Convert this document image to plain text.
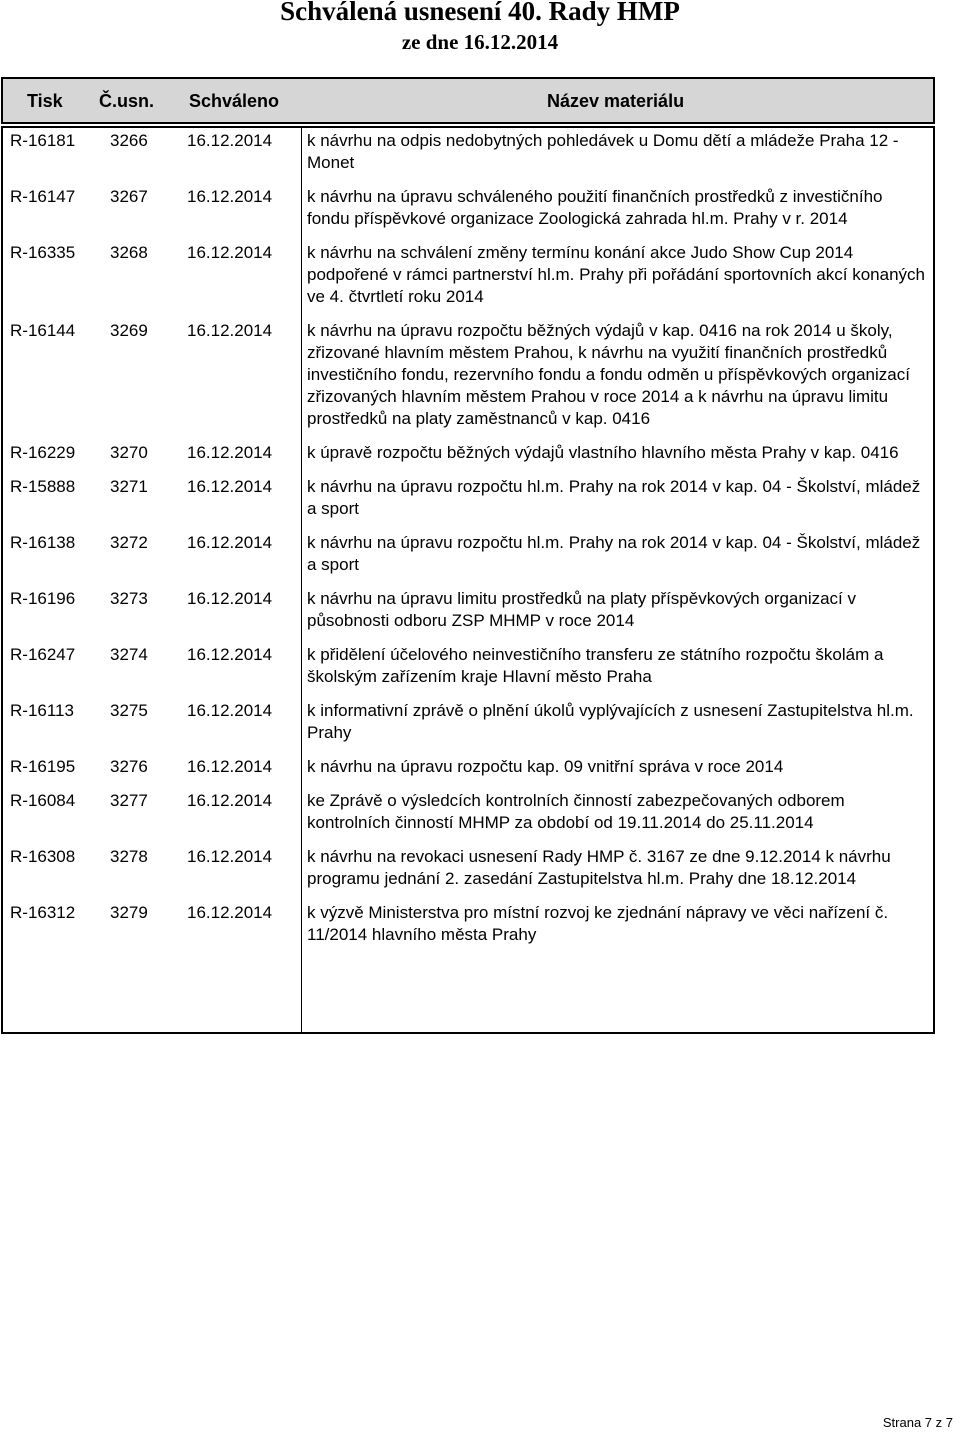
Schválená usnesení 40. Rady HMP
ze dne 16.12.2014
Tisk Č.usn. Schváleno	Název materiálu
R-16181 3266 16.12.2014 k návrhu na odpis nedobytných pohledávek u Domu dětí a mládeže Praha 12 - Monet
R-16147 3267 16.12.2014 k návrhu na úpravu schváleného použití finančních prostředků z investičního fondu příspěvkové organizace Zoologická zahrada hl.m. Prahy v r. 2014
R-16335 3268 16.12.2014 k návrhu na schválení změny termínu konání akce Judo Show Cup 2014 podpořené v rámci partnerství hl.m. Prahy při pořádání sportovních akcí konaných ve 4. čtvrtletí roku 2014
R-16144 3269 16.12.2014 k návrhu na úpravu rozpočtu běžných výdajů v kap. 0416 na rok 2014 u školy, zřizované hlavním městem Prahou, k návrhu na využití finančních prostředků investičního fondu, rezervního fondu a fondu odměn u příspěvkových organizací zřizovaných hlavním městem Prahou v roce 2014 a k návrhu na úpravu limitu prostředků na platy zaměstnanců v kap. 0416
R-16229 3270 16.12.2014 k úpravě rozpočtu běžných výdajů vlastního hlavního města Prahy v kap. 0416
R-15888 3271 16.12.2014 k návrhu na úpravu rozpočtu hl.m. Prahy na rok 2014 v kap. 04 - Školství, mládež a sport
R-16138 3272 16.12.2014 k návrhu na úpravu rozpočtu hl.m. Prahy na rok 2014 v kap. 04 - Školství, mládež a sport
R-16196 3273 16.12.2014 k návrhu na úpravu limitu prostředků na platy příspěvkových organizací v působnosti odboru ZSP MHMP v roce 2014
R-16247 3274 16.12.2014 k přidělení účelového neinvestičního transferu ze státního rozpočtu školám a školským zařízením kraje Hlavní město Praha
R-16113 3275 16.12.2014 k informativní zprávě o plnění úkolů vyplývajících z usnesení Zastupitelstva hl.m. Prahy
R-16195 3276 16.12.2014 k návrhu na úpravu rozpočtu kap. 09 vnitřní správa v roce 2014
R-16084 3277 16.12.2014 ke Zprávě o výsledcích kontrolních činností zabezpečovaných odborem kontrolních činností MHMP za období od 19.11.2014 do 25.11.2014
R-16308 3278 16.12.2014 k návrhu na revokaci usnesení Rady HMP č. 3167 ze dne 9.12.2014 k návrhu programu jednání 2. zasedání Zastupitelstva hl.m. Prahy dne 18.12.2014
R-16312 3279 16.12.2014 k výzvě Ministerstva pro místní rozvoj ke zjednání nápravy ve věci nařízení č. 11/2014 hlavního města Prahy
Strana 7 z 7
